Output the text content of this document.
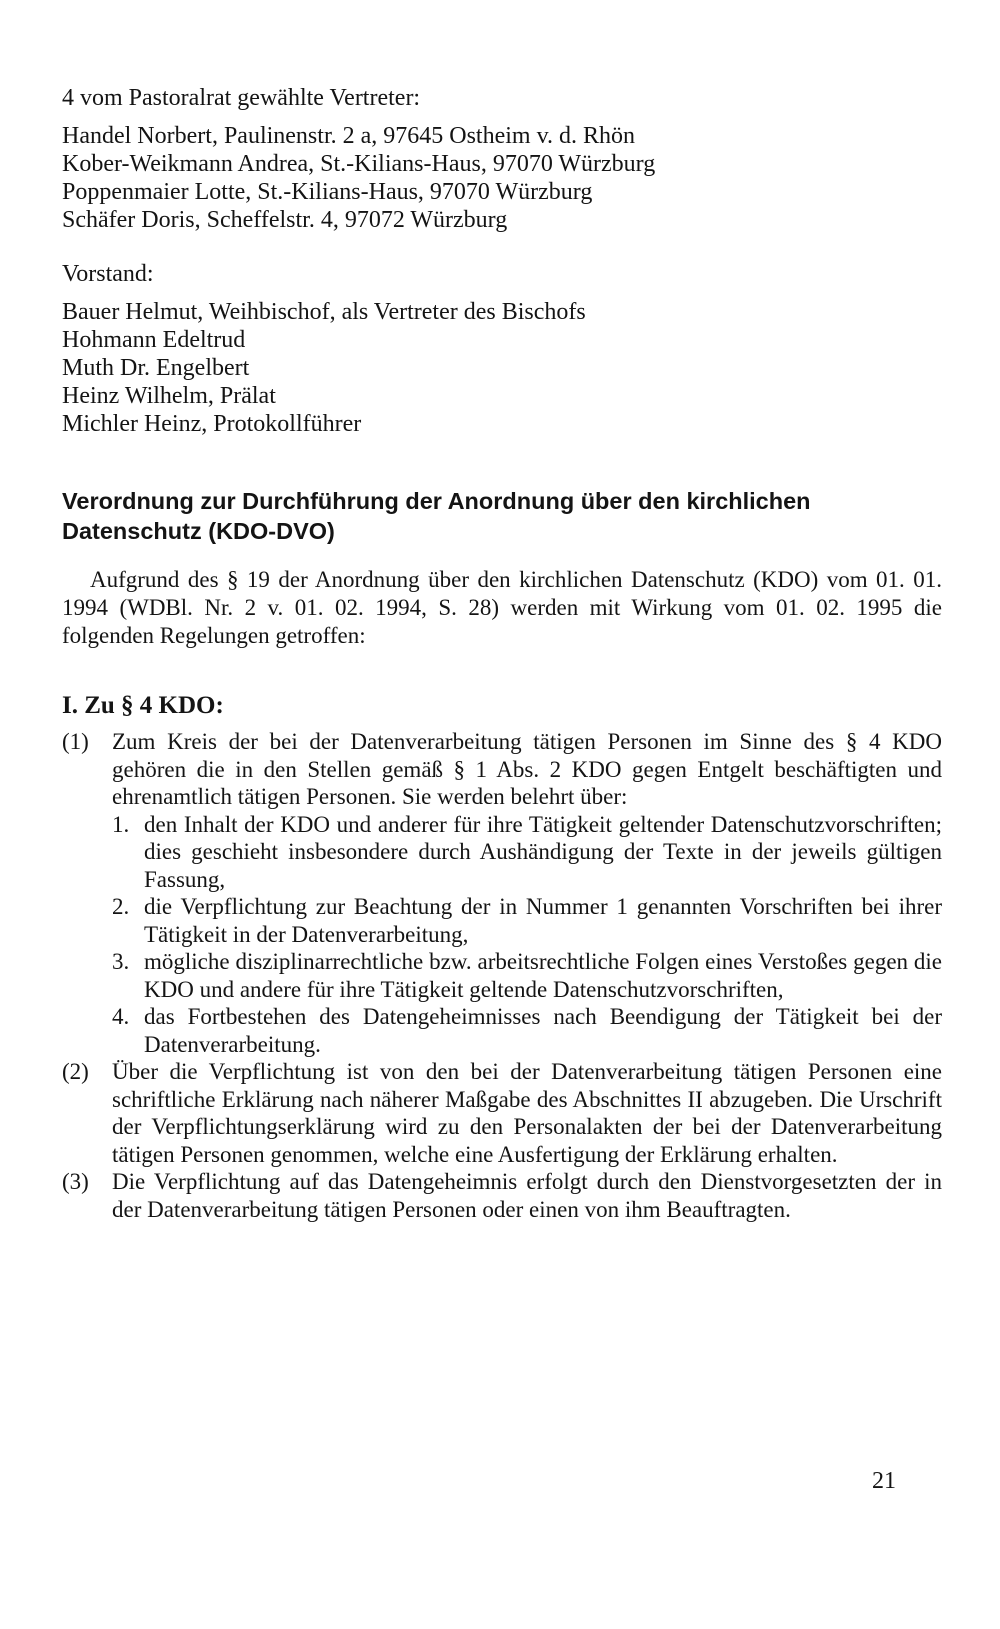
4 vom Pastoralrat gewählte Vertreter:
Handel Norbert, Paulinenstr. 2 a, 97645 Ostheim v. d. Rhön
Kober-Weikmann Andrea, St.-Kilians-Haus, 97070 Würzburg
Poppenmaier Lotte, St.-Kilians-Haus, 97070 Würzburg
Schäfer Doris, Scheffelstr. 4, 97072 Würzburg
Vorstand:
Bauer Helmut, Weihbischof, als Vertreter des Bischofs
Hohmann Edeltrud
Muth Dr. Engelbert
Heinz Wilhelm, Prälat
Michler Heinz, Protokollführer
Verordnung zur Durchführung der Anordnung über den kirchlichen
Datenschutz (KDO-DVO)
Aufgrund des § 19 der Anordnung über den kirchlichen Datenschutz (KDO) vom 01. 01. 1994 (WDBl. Nr. 2 v. 01. 02. 1994, S. 28) werden mit Wirkung vom 01. 02. 1995 die folgenden Regelungen getroffen:
I. Zu § 4 KDO:
(1) Zum Kreis der bei der Datenverarbeitung tätigen Personen im Sinne des § 4 KDO gehören die in den Stellen gemäß § 1 Abs. 2 KDO gegen Entgelt beschäftigten und ehrenamtlich tätigen Personen. Sie werden belehrt über:
1. den Inhalt der KDO und anderer für ihre Tätigkeit geltender Datenschutzvorschriften; dies geschieht insbesondere durch Aushändigung der Texte in der jeweils gültigen Fassung,
2. die Verpflichtung zur Beachtung der in Nummer 1 genannten Vorschriften bei ihrer Tätigkeit in der Datenverarbeitung,
3. mögliche disziplinarrechtliche bzw. arbeitsrechtliche Folgen eines Verstoßes gegen die KDO und andere für ihre Tätigkeit geltende Datenschutzvorschriften,
4. das Fortbestehen des Datengeheimnisses nach Beendigung der Tätigkeit bei der Datenverarbeitung.
(2) Über die Verpflichtung ist von den bei der Datenverarbeitung tätigen Personen eine schriftliche Erklärung nach näherer Maßgabe des Abschnittes II abzugeben. Die Urschrift der Verpflichtungserklärung wird zu den Personalakten der bei der Datenverarbeitung tätigen Personen genommen, welche eine Ausfertigung der Erklärung erhalten.
(3) Die Verpflichtung auf das Datengeheimnis erfolgt durch den Dienstvorgesetzten der in der Datenverarbeitung tätigen Personen oder einen von ihm Beauftragten.
21
